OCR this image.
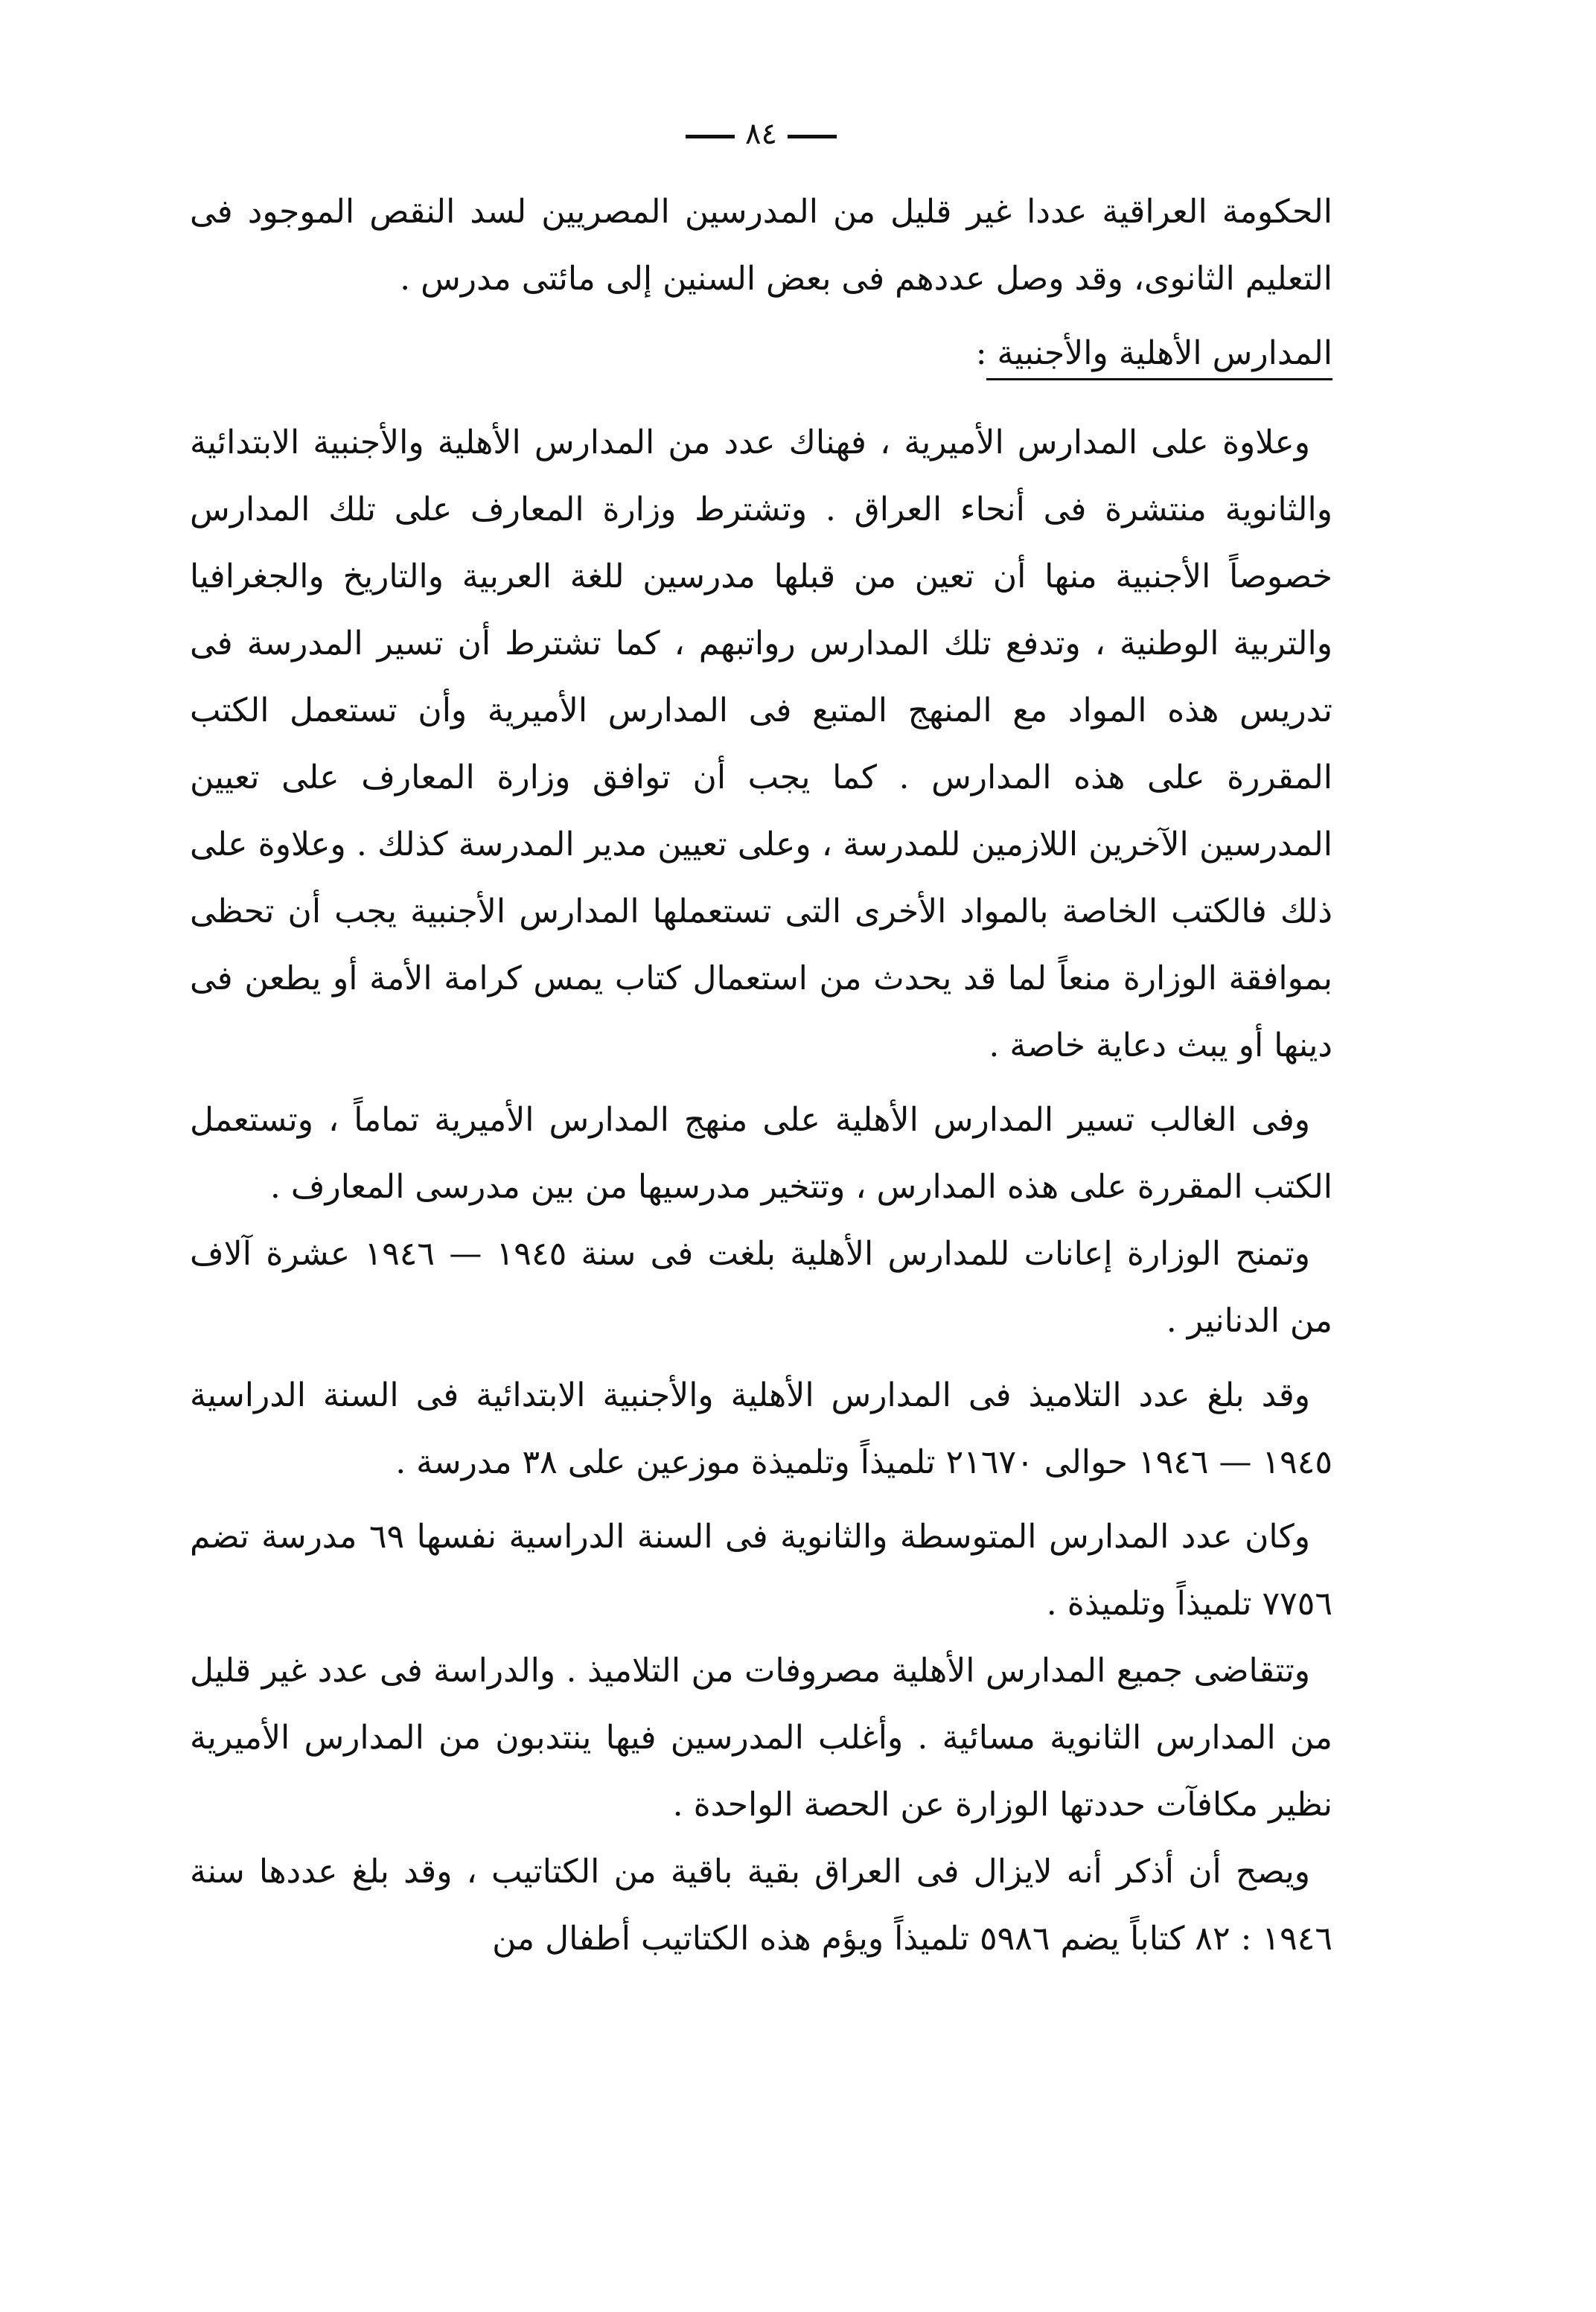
٨٤

الحكومة العراقية عددا غير قليل من المدرسين المصريين لسد النقص الموجود فى التعليم الثانوى، وقد وصل عددهم فى بعض السنين إلى مائتى مدرس .

المدارس الأهلية والأجنبية :

وعلاوة على المدارس الأميرية ، فهناك عدد من المدارس الأهلية والأجنبية الابتدائية والثانوية منتشرة فى أنحاء العراق . وتشترط وزارة المعارف على تلك المدارس خصوصاً الأجنبية منها أن تعين من قبلها مدرسين للغة العربية والتاريخ والجغرافيا والتربية الوطنية ، وتدفع تلك المدارس رواتبهم ، كما تشترط أن تسير المدرسة فى تدريس هذه المواد مع المنهج المتبع فى المدارس الأميرية وأن تستعمل الكتب المقررة على هذه المدارس . كما يجب أن توافق وزارة المعارف على تعيين المدرسين الآخرين اللازمين للمدرسة ، وعلى تعيين مدير المدرسة كذلك . وعلاوة على ذلك فالكتب الخاصة بالمواد الأخرى التى تستعملها المدارس الأجنبية يجب أن تحظى بموافقة الوزارة منعاً لما قد يحدث من استعمال كتاب يمس كرامة الأمة أو يطعن فى دينها أو يبث دعاية خاصة .

وفى الغالب تسير المدارس الأهلية على منهج المدارس الأميرية تماماً ، وتستعمل الكتب المقررة على هذه المدارس ، وتتخير مدرسيها من بين مدرسى المعارف .

وتمنح الوزارة إعانات للمدارس الأهلية بلغت فى سنة ١٩٤٥ — ١٩٤٦ عشرة آلاف من الدنانير .

وقد بلغ عدد التلاميذ فى المدارس الأهلية والأجنبية الابتدائية فى السنة الدراسية ١٩٤٥ — ١٩٤٦ حوالى ٢١٦٧٠ تلميذاً وتلميذة موزعين على ٣٨ مدرسة .

وكان عدد المدارس المتوسطة والثانوية فى السنة الدراسية نفسها ٦٩ مدرسة تضم ٧٧٥٦ تلميذاً وتلميذة .

وتتقاضى جميع المدارس الأهلية مصروفات من التلاميذ . والدراسة فى عدد غير قليل من المدارس الثانوية مسائية . وأغلب المدرسين فيها ينتدبون من المدارس الأميرية نظير مكافآت حددتها الوزارة عن الحصة الواحدة .

ويصح أن أذكر أنه لايزال فى العراق بقية باقية من الكتاتيب ، وقد بلغ عددها سنة ١٩٤٦ : ٨٢ كتاباً يضم ٥٩٨٦ تلميذاً ويؤم هذه الكتاتيب أطفال من
